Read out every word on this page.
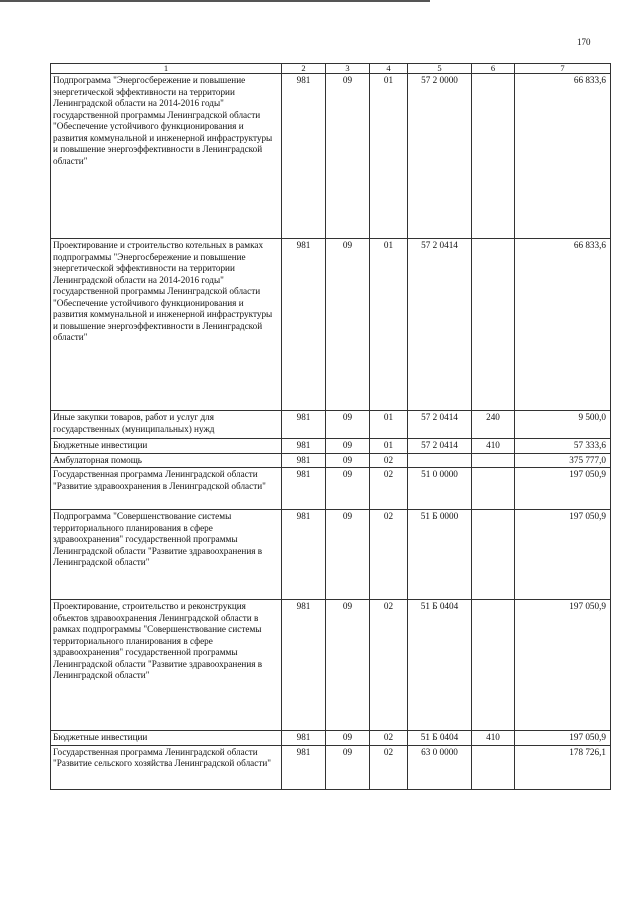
170
1	2	3	4	5	6	7
Подпрограмма "Энергосбережение и повышение энергетической эффективности на территории Ленинградской области на 2014-2016 годы" государственной программы Ленинградской области "Обеспечение устойчивого функционирования и развития коммунальной и инженерной инфраструктуры и повышение энергоэффективности в Ленинградской области"	981	09	01	57 2 0000		66 833,6
Проектирование и строительство котельных в рамках подпрограммы "Энергосбережение и повышение энергетической эффективности на территории Ленинградской области на 2014-2016 годы" государственной программы Ленинградской области "Обеспечение устойчивого функционирования и развития коммунальной и инженерной инфраструктуры и повышение энергоэффективности в Ленинградской области"	981	09	01	57 2 0414		66 833,6
Иные закупки товаров, работ и услуг для государственных (муниципальных) нужд	981	09	01	57 2 0414	240	9 500,0
Бюджетные инвестиции	981	09	01	57 2 0414	410	57 333,6
Амбулаторная помощь	981	09	02			375 777,0
Государственная программа Ленинградской области "Развитие здравоохранения в Ленинградской области"	981	09	02	51 0 0000		197 050,9
Подпрограмма "Совершенствование системы территориального планирования в сфере здравоохранения" государственной программы Ленинградской области "Развитие здравоохранения в Ленинградской области"	981	09	02	51 Б 0000		197 050,9
Проектирование, строительство и реконструкция объектов здравоохранения Ленинградской области в рамках подпрограммы "Совершенствование системы территориального планирования в сфере здравоохранения" государственной программы Ленинградской области "Развитие здравоохранения в Ленинградской области"	981	09	02	51 Б 0404		197 050,9
Бюджетные инвестиции	981	09	02	51 Б 0404	410	197 050,9
Государственная программа Ленинградской области "Развитие сельского хозяйства Ленинградской области"	981	09	02	63 0 0000		178 726,1
